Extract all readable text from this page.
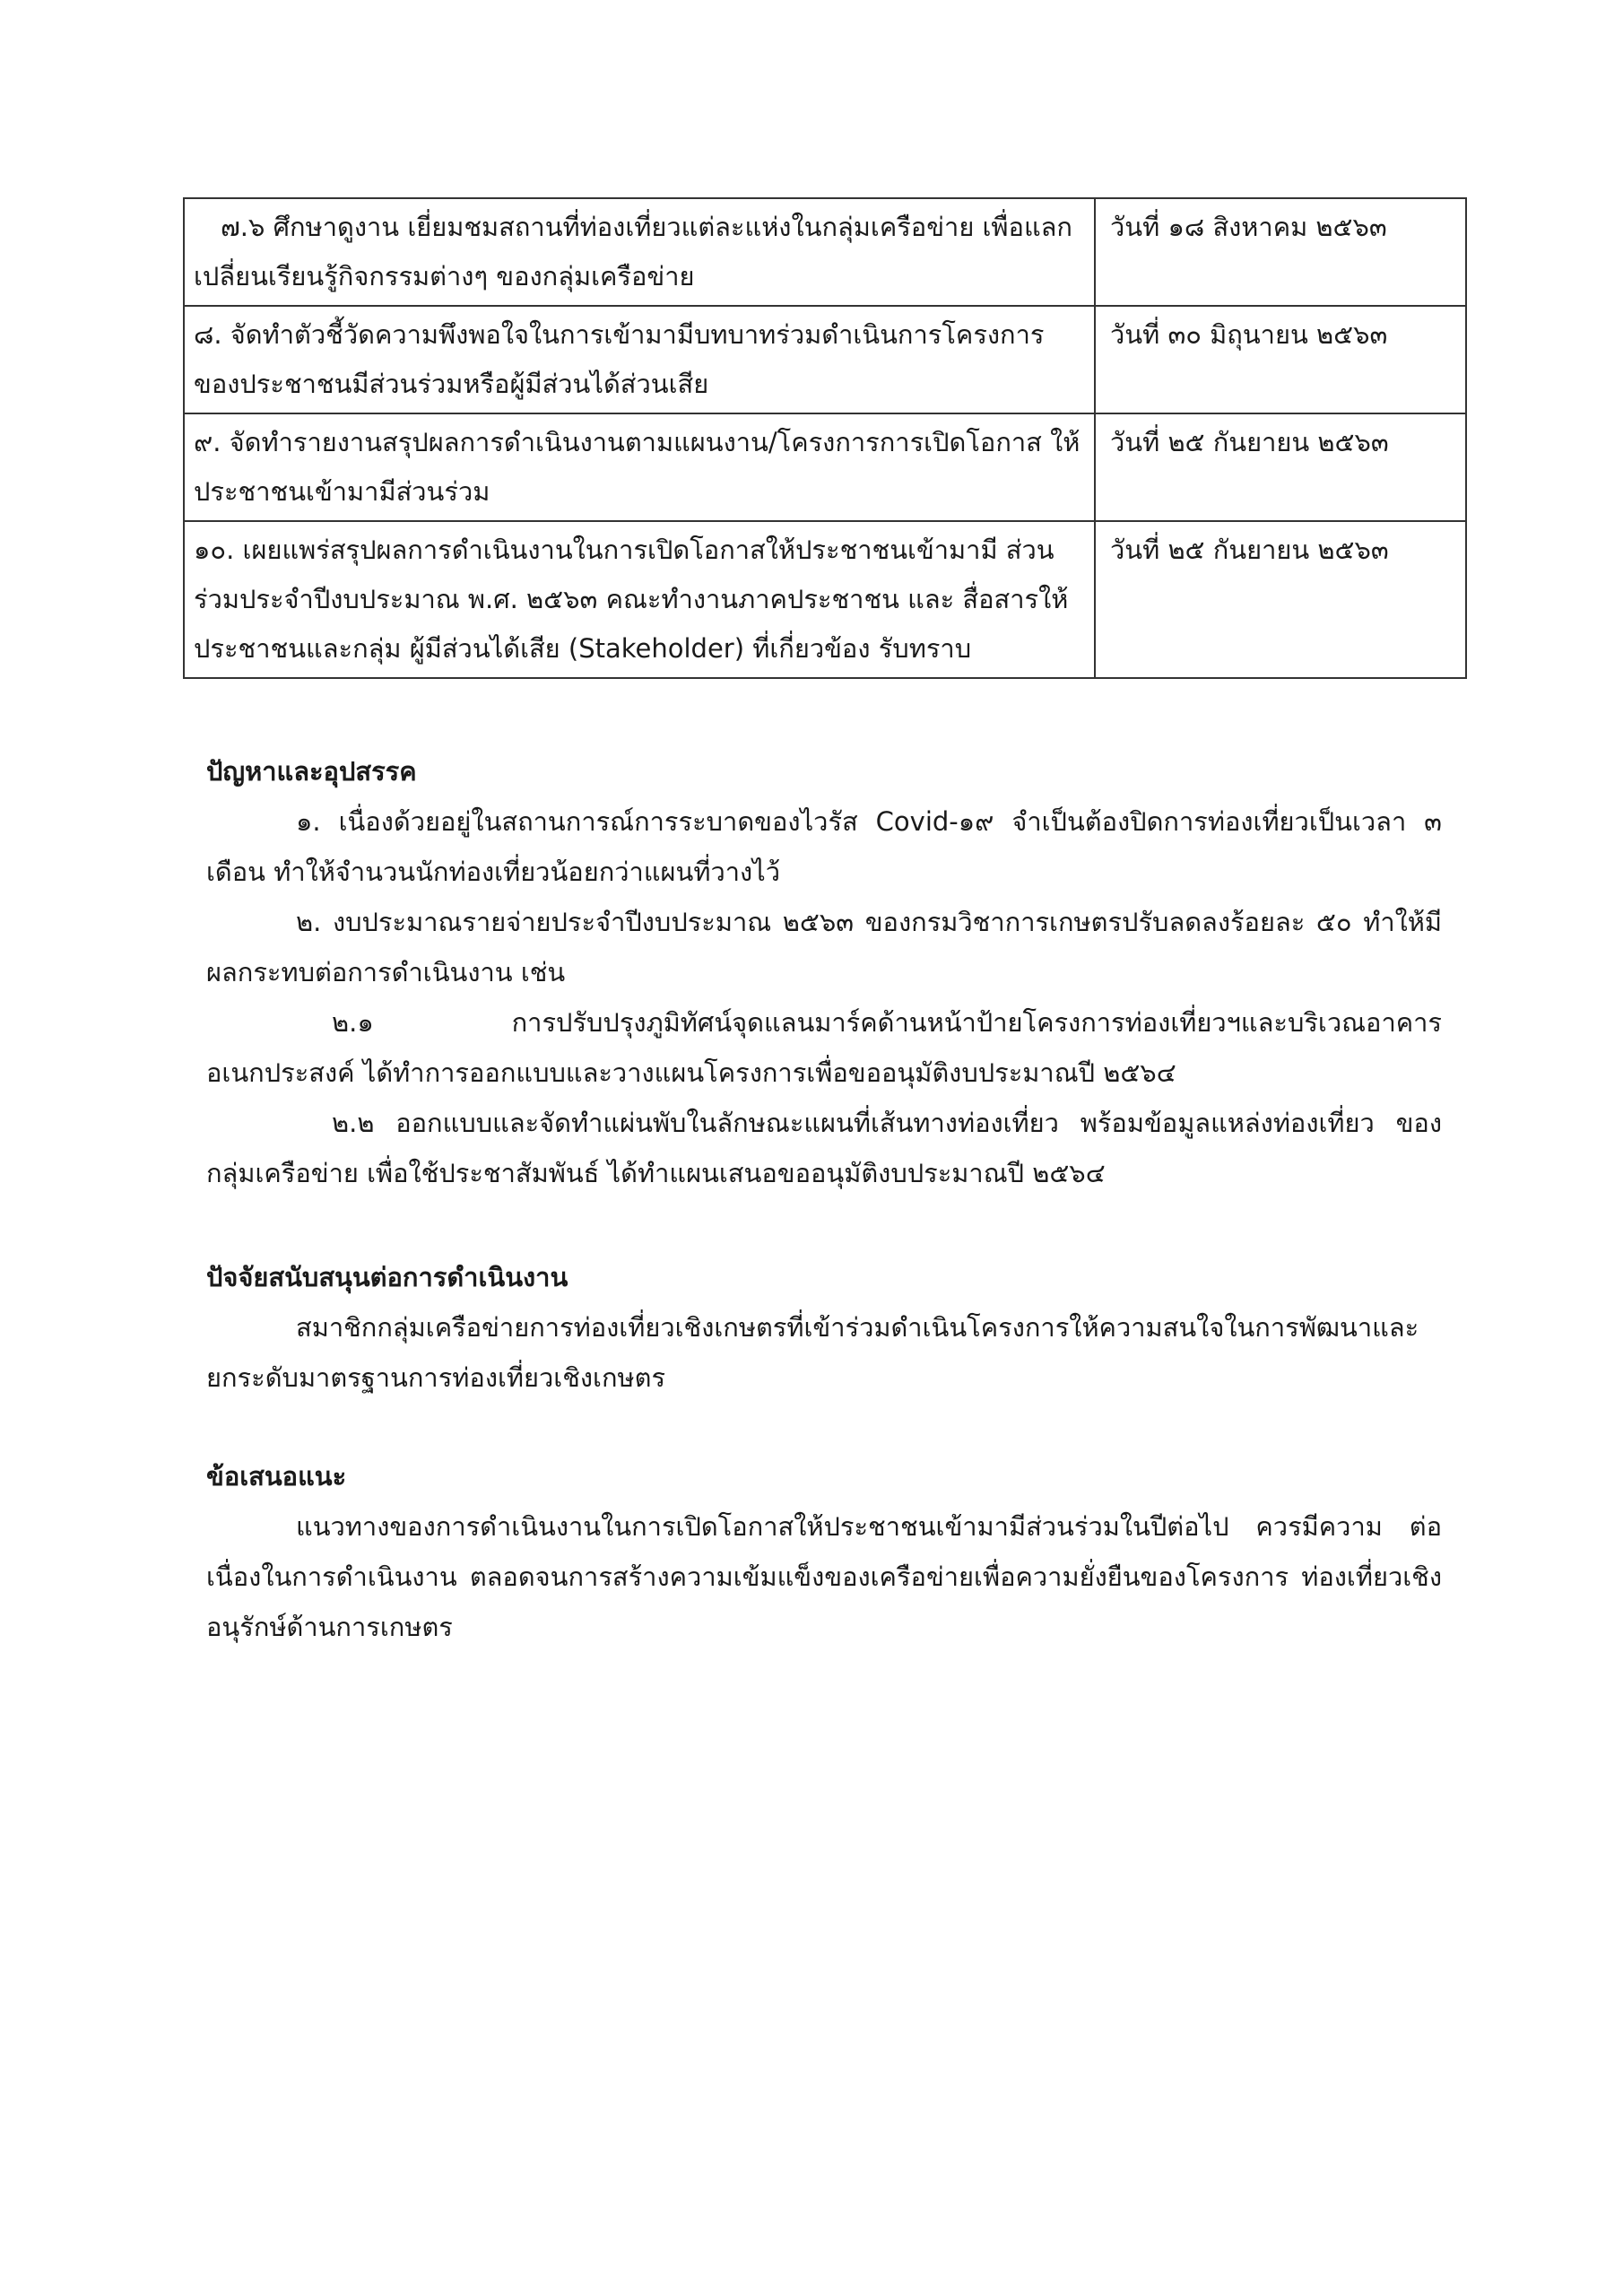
๗.๖ ศึกษาดูงาน เยี่ยมชมสถานที่ท่องเที่ยวแต่ละแห่งในกลุ่มเครือข่าย เพื่อแลกเปลี่ยนเรียนรู้กิจกรรมต่างๆ ของกลุ่มเครือข่าย	วันที่ ๑๘ สิงหาคม ๒๕๖๓
๘. จัดทำตัวชี้วัดความพึงพอใจในการเข้ามามีบทบาทร่วมดำเนินการโครงการ ของประชาชนมีส่วนร่วมหรือผู้มีส่วนได้ส่วนเสีย	วันที่ ๓๐ มิถุนายน ๒๕๖๓
๙. จัดทำรายงานสรุปผลการดำเนินงานตามแผนงาน/โครงการการเปิดโอกาส ให้ประชาชนเข้ามามีส่วนร่วม	วันที่ ๒๕ กันยายน ๒๕๖๓
๑๐. เผยแพร่สรุปผลการดำเนินงานในการเปิดโอกาสให้ประชาชนเข้ามามี ส่วนร่วมประจำปีงบประมาณ พ.ศ. ๒๕๖๓ คณะทำงานภาคประชาชน และ สื่อสารให้ประชาชนและกลุ่ม ผู้มีส่วนได้เสีย (Stakeholder) ที่เกี่ยวข้อง รับทราบ	วันที่ ๒๕ กันยายน ๒๕๖๓
ปัญหาและอุปสรรค

๑. เนื่องด้วยอยู่ในสถานการณ์การระบาดของไวรัส Covid-๑๙ จำเป็นต้องปิดการท่องเที่ยวเป็นเวลา ๓ เดือน ทำให้จำนวนนักท่องเที่ยวน้อยกว่าแผนที่วางไว้

๒. งบประมาณรายจ่ายประจำปีงบประมาณ ๒๕๖๓ ของกรมวิชาการเกษตรปรับลดลงร้อยละ ๕๐ ทำให้มีผลกระทบต่อการดำเนินงาน เช่น

๒.๑ การปรับปรุงภูมิทัศน์จุดแลนมาร์คด้านหน้าป้ายโครงการท่องเที่ยวฯและบริเวณอาคาร อเนกประสงค์ ได้ทำการออกแบบและวางแผนโครงการเพื่อขออนุมัติงบประมาณปี ๒๕๖๔

๒.๒ ออกแบบและจัดทำแผ่นพับในลักษณะแผนที่เส้นทางท่องเที่ยว พร้อมข้อมูลแหล่งท่องเที่ยว ของกลุ่มเครือข่าย เพื่อใช้ประชาสัมพันธ์ ได้ทำแผนเสนอขออนุมัติงบประมาณปี ๒๕๖๔

ปัจจัยสนับสนุนต่อการดำเนินงาน

สมาชิกกลุ่มเครือข่ายการท่องเที่ยวเชิงเกษตรที่เข้าร่วมดำเนินโครงการให้ความสนใจในการพัฒนาและ ยกระดับมาตรฐานการท่องเที่ยวเชิงเกษตร

ข้อเสนอแนะ

แนวทางของการดำเนินงานในการเปิดโอกาสให้ประชาชนเข้ามามีส่วนร่วมในปีต่อไป ควรมีความ ต่อเนื่องในการดำเนินงาน ตลอดจนการสร้างความเข้มแข็งของเครือข่ายเพื่อความยั่งยืนของโครงการ ท่องเที่ยวเชิงอนุรักษ์ด้านการเกษตร
